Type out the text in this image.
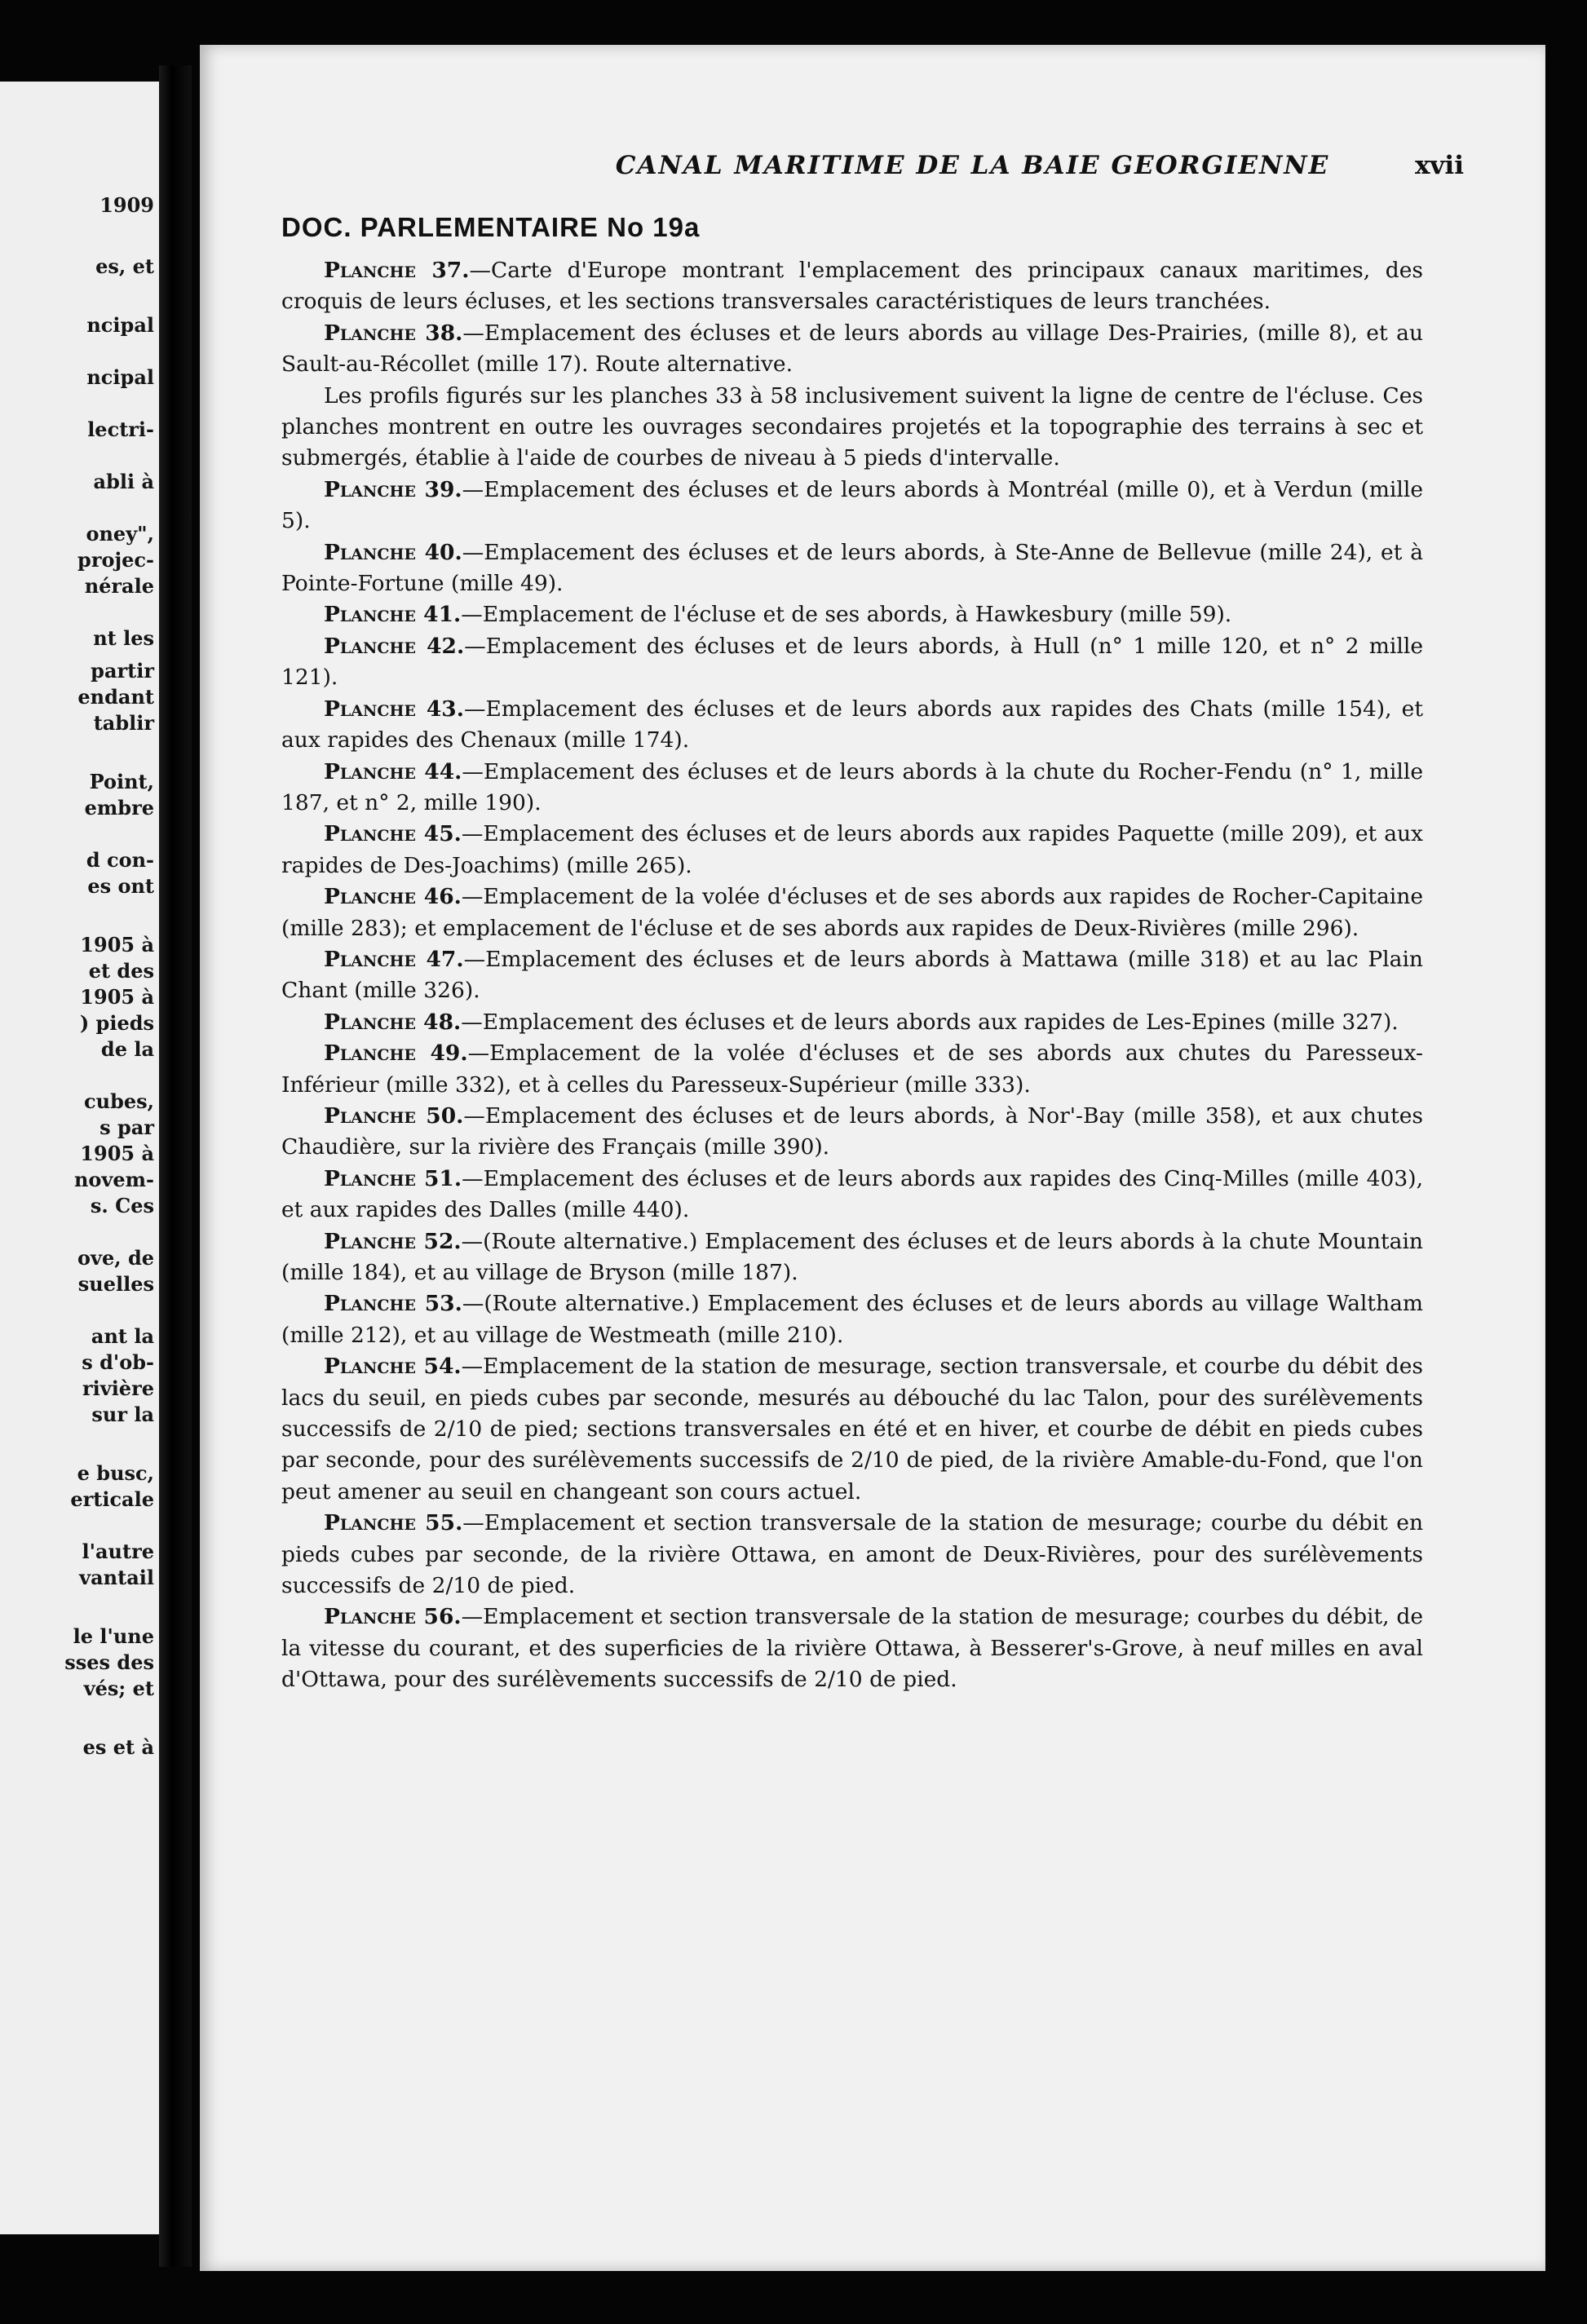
1909
es, et
ncipal
ncipal
lectri-
abli à
oney",
projec-
nérale
nt les
partir
endant
tablir
Point,
embre
d con-
es ont
1905 à
et des
1905 à
) pieds
de la
cubes,
s par
1905 à
novem-
s. Ces
ove, de
suelles
ant la
s d'ob-
rivière
sur la
e busc,
erticale
l'autre
vantail
le l'une
sses des
vés; et
es et à
CANAL MARITIME DE LA BAIE GEORGIENNE	xvii
DOC. PARLEMENTAIRE No 19a

Planche 37.—Carte d'Europe montrant l'emplacement des principaux canaux maritimes, des croquis de leurs écluses, et les sections transversales caractéristiques de leurs tranchées.

Planche 38.—Emplacement des écluses et de leurs abords au village Des-Prairies, (mille 8), et au Sault-au-Récollet (mille 17). Route alternative.

Les profils figurés sur les planches 33 à 58 inclusivement suivent la ligne de centre de l'écluse. Ces planches montrent en outre les ouvrages secondaires projetés et la topographie des terrains à sec et submergés, établie à l'aide de courbes de niveau à 5 pieds d'intervalle.

Planche 39.—Emplacement des écluses et de leurs abords à Montréal (mille 0), et à Verdun (mille 5).

Planche 40.—Emplacement des écluses et de leurs abords, à Ste-Anne de Bellevue (mille 24), et à Pointe-Fortune (mille 49).

Planche 41.—Emplacement de l'écluse et de ses abords, à Hawkesbury (mille 59).

Planche 42.—Emplacement des écluses et de leurs abords, à Hull (n° 1 mille 120, et n° 2 mille 121).

Planche 43.—Emplacement des écluses et de leurs abords aux rapides des Chats (mille 154), et aux rapides des Chenaux (mille 174).

Planche 44.—Emplacement des écluses et de leurs abords à la chute du Rocher-Fendu (n° 1, mille 187, et n° 2, mille 190).

Planche 45.—Emplacement des écluses et de leurs abords aux rapides Paquette (mille 209), et aux rapides de Des-Joachims) (mille 265).

Planche 46.—Emplacement de la volée d'écluses et de ses abords aux rapides de Rocher-Capitaine (mille 283); et emplacement de l'écluse et de ses abords aux rapides de Deux-Rivières (mille 296).

Planche 47.—Emplacement des écluses et de leurs abords à Mattawa (mille 318) et au lac Plain Chant (mille 326).

Planche 48.—Emplacement des écluses et de leurs abords aux rapides de Les-Epines (mille 327).

Planche 49.—Emplacement de la volée d'écluses et de ses abords aux chutes du Paresseux-Inférieur (mille 332), et à celles du Paresseux-Supérieur (mille 333).

Planche 50.—Emplacement des écluses et de leurs abords, à Nor'-Bay (mille 358), et aux chutes Chaudière, sur la rivière des Français (mille 390).

Planche 51.—Emplacement des écluses et de leurs abords aux rapides des Cinq-Milles (mille 403), et aux rapides des Dalles (mille 440).

Planche 52.—(Route alternative.) Emplacement des écluses et de leurs abords à la chute Mountain (mille 184), et au village de Bryson (mille 187).

Planche 53.—(Route alternative.) Emplacement des écluses et de leurs abords au village Waltham (mille 212), et au village de Westmeath (mille 210).

Planche 54.—Emplacement de la station de mesurage, section transversale, et courbe du débit des lacs du seuil, en pieds cubes par seconde, mesurés au débouché du lac Talon, pour des surélèvements successifs de 2/10 de pied; sections transversales en été et en hiver, et courbe de débit en pieds cubes par seconde, pour des surélèvements successifs de 2/10 de pied, de la rivière Amable-du-Fond, que l'on peut amener au seuil en changeant son cours actuel.

Planche 55.—Emplacement et section transversale de la station de mesurage; courbe du débit en pieds cubes par seconde, de la rivière Ottawa, en amont de Deux-Rivières, pour des surélèvements successifs de 2/10 de pied.

Planche 56.—Emplacement et section transversale de la station de mesurage; courbes du débit, de la vitesse du courant, et des superficies de la rivière Ottawa, à Besserer's-Grove, à neuf milles en aval d'Ottawa, pour des surélèvements successifs de 2/10 de pied.
